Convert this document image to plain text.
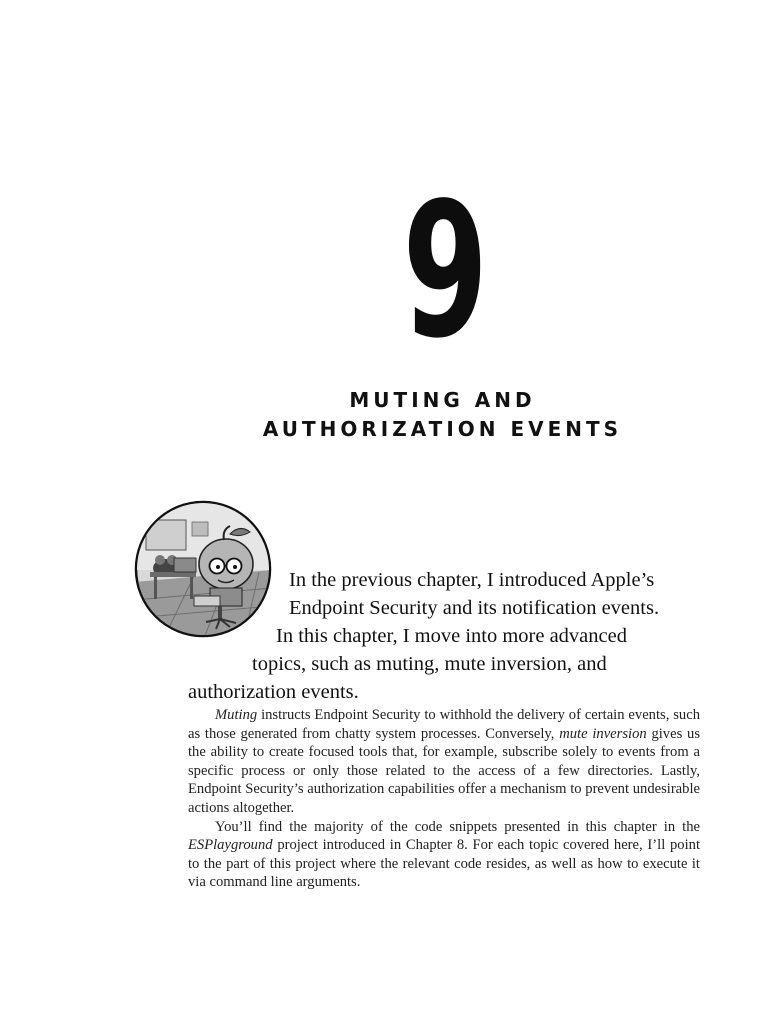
9
MUTING AND
AUTHORIZATION EVENTS
In the previous chapter, I introduced Apple’s
Endpoint Security and its notification events.
In this chapter, I move into more advanced
topics, such as muting, mute inversion, and
authorization events.

Muting instructs Endpoint Security to withhold the delivery of certain events, such as those generated from chatty system processes. Conversely, mute inversion gives us the ability to create focused tools that, for example, subscribe solely to events from a specific process or only those related to the access of a few directories. Lastly, Endpoint Security’s authorization capabilities offer a mechanism to prevent undesirable actions altogether.

You’ll find the majority of the code snippets presented in this chapter in the ESPlayground project introduced in Chapter 8. For each topic covered here, I’ll point to the part of this project where the relevant code resides, as well as how to execute it via command line arguments.
